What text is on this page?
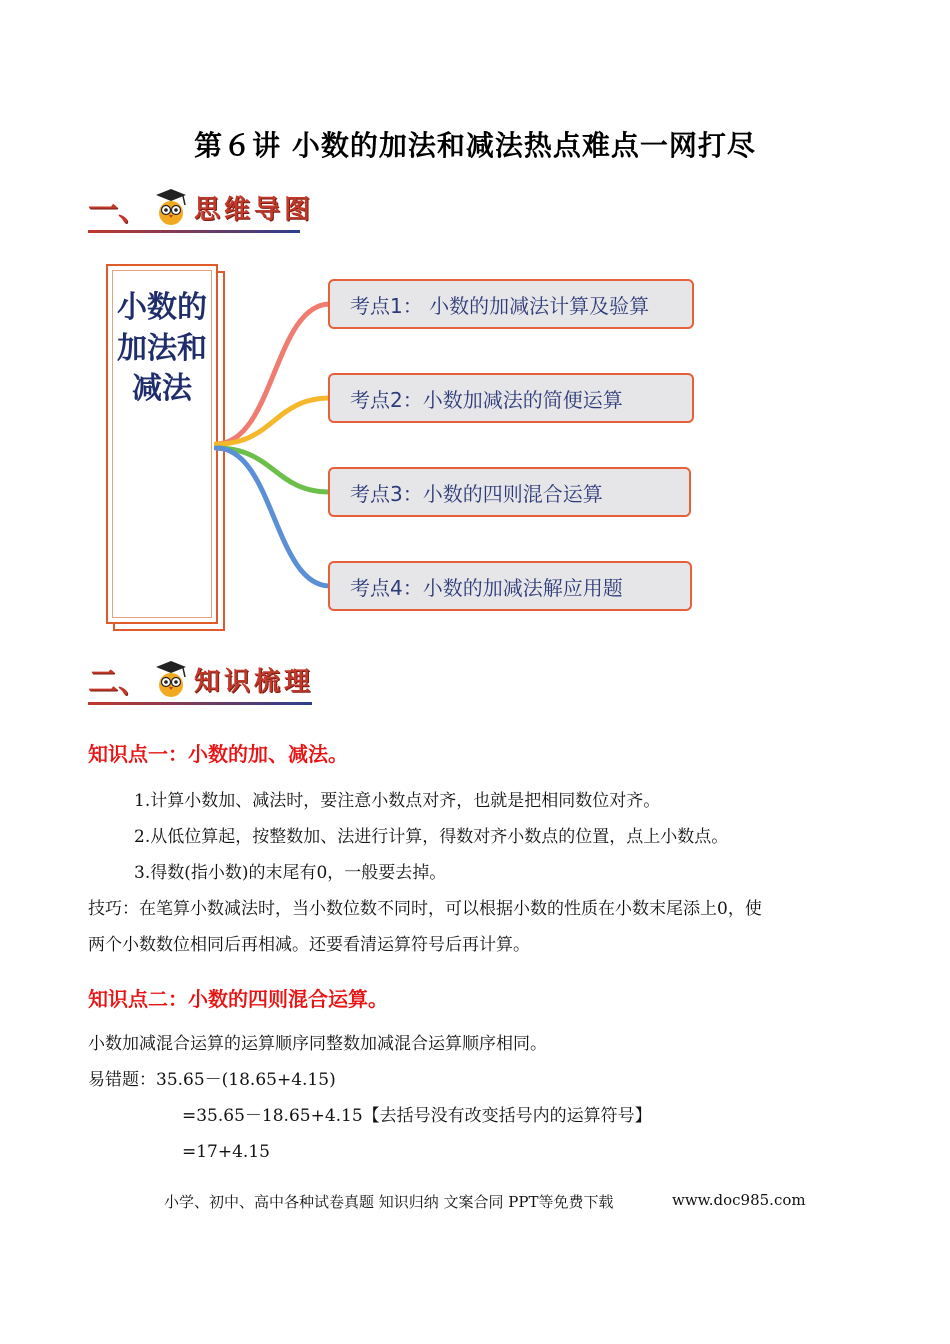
第６讲 小数的加法和减法热点难点一网打尽
一、 思维导图
小数的加法和减法
考点1： 小数的加减法计算及验算
考点2：小数加减法的简便运算
考点3：小数的四则混合运算
考点4：小数的加减法解应用题
二、 知识梳理
知识点一：小数的加、减法。
1.计算小数加、减法时，要注意小数点对齐，也就是把相同数位对齐。
2.从低位算起，按整数加、法进行计算，得数对齐小数点的位置，点上小数点。
3.得数(指小数)的末尾有0，一般要去掉。
技巧：在笔算小数减法时，当小数位数不同时，可以根据小数的性质在小数末尾添上0，使
两个小数数位相同后再相减。还要看清运算符号后再计算。
知识点二：小数的四则混合运算。
小数加减混合运算的运算顺序同整数加减混合运算顺序相同。
易错题：35.65－(18.65+4.15)
=35.65－18.65+4.15【去括号没有改变括号内的运算符号】
=17+4.15
小学、初中、高中各种试卷真题 知识归纳 文案合同 PPT等免费下载	www.doc985.com
